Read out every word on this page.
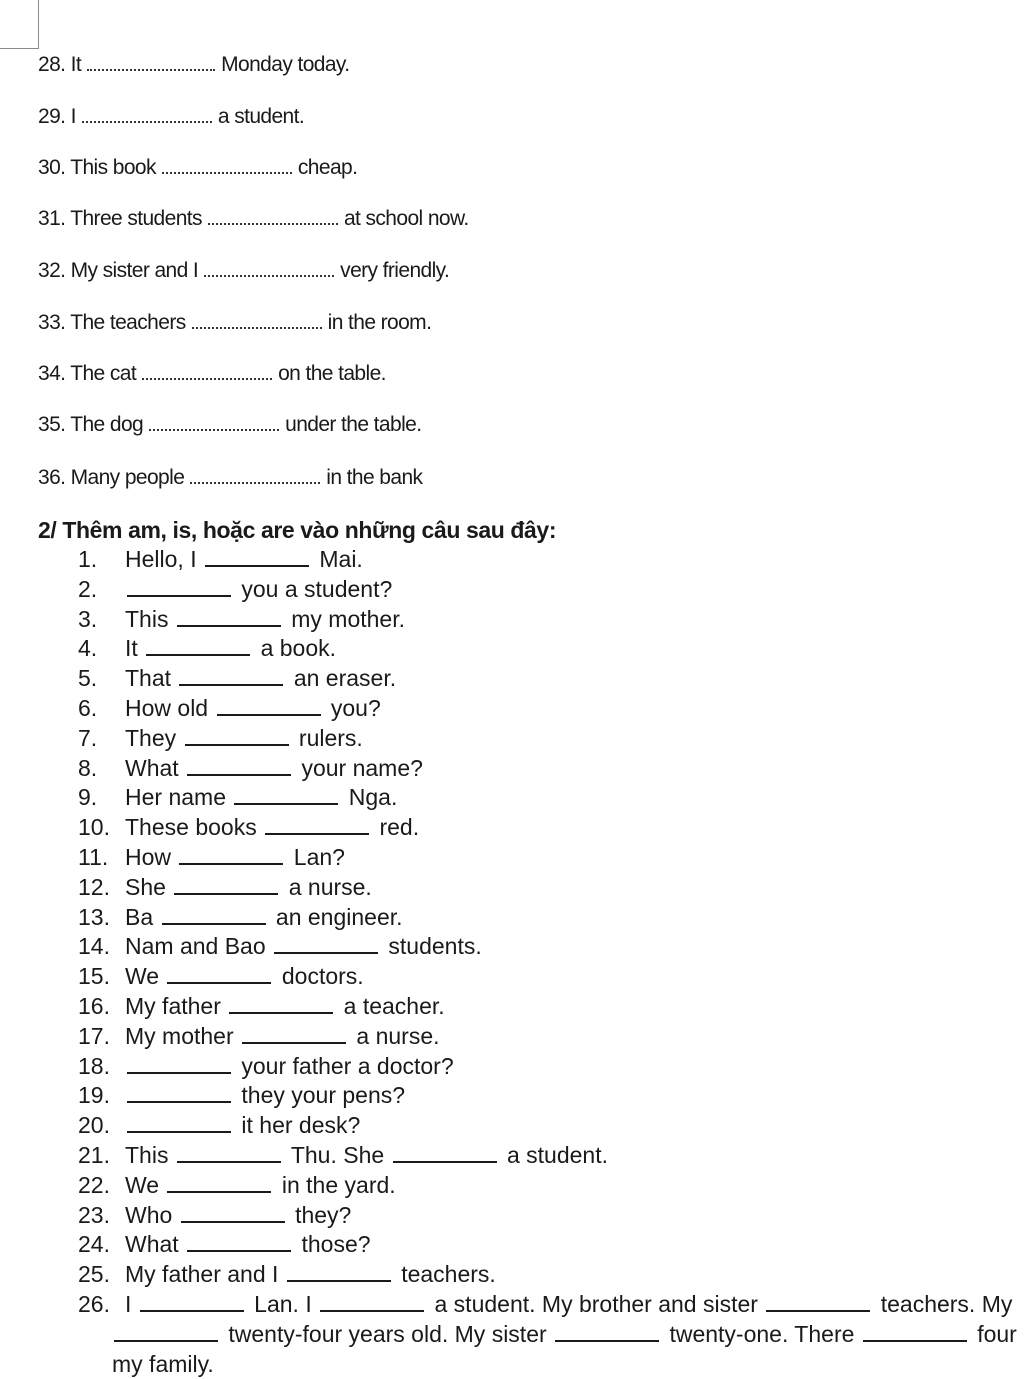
28. It	Monday today.
29. I	a student.
30. This book	cheap.
31. Three students	at school now.
32. My sister and I	very friendly.
33. The teachers	in the room.
34. The cat	on the table.
35. The dog	under the table.
36. Many people	in the bank
2/ Thêm am, is, hoặc are vào những câu sau đây:
1.	Hello, I	Mai.
2.	you a student?
3.	This	my mother.
4.	It	a book.
5.	That	an eraser.
6.	How old	you?
7.	They	rulers.
8.	What	your name?
9.	Her name	Nga.
10. These books	red.
11. How	Lan?
12. She	a nurse.
13. Ba	an engineer.
14. Nam and Bao	students.
15. We	doctors.
16. My father	a teacher.
17. My mother	a nurse.
18.	your father a doctor?
19.	they your pens?
20.	it her desk?
21. This	Thu. She	a student.
22. We	in the yard.
23. Who	they?
24. What	those?
25. My father and I	teachers.
26. I	Lan. I	a student. My brother and sister	teachers. My
twenty-four years old. My sister	twenty-one. There	four
my family.
